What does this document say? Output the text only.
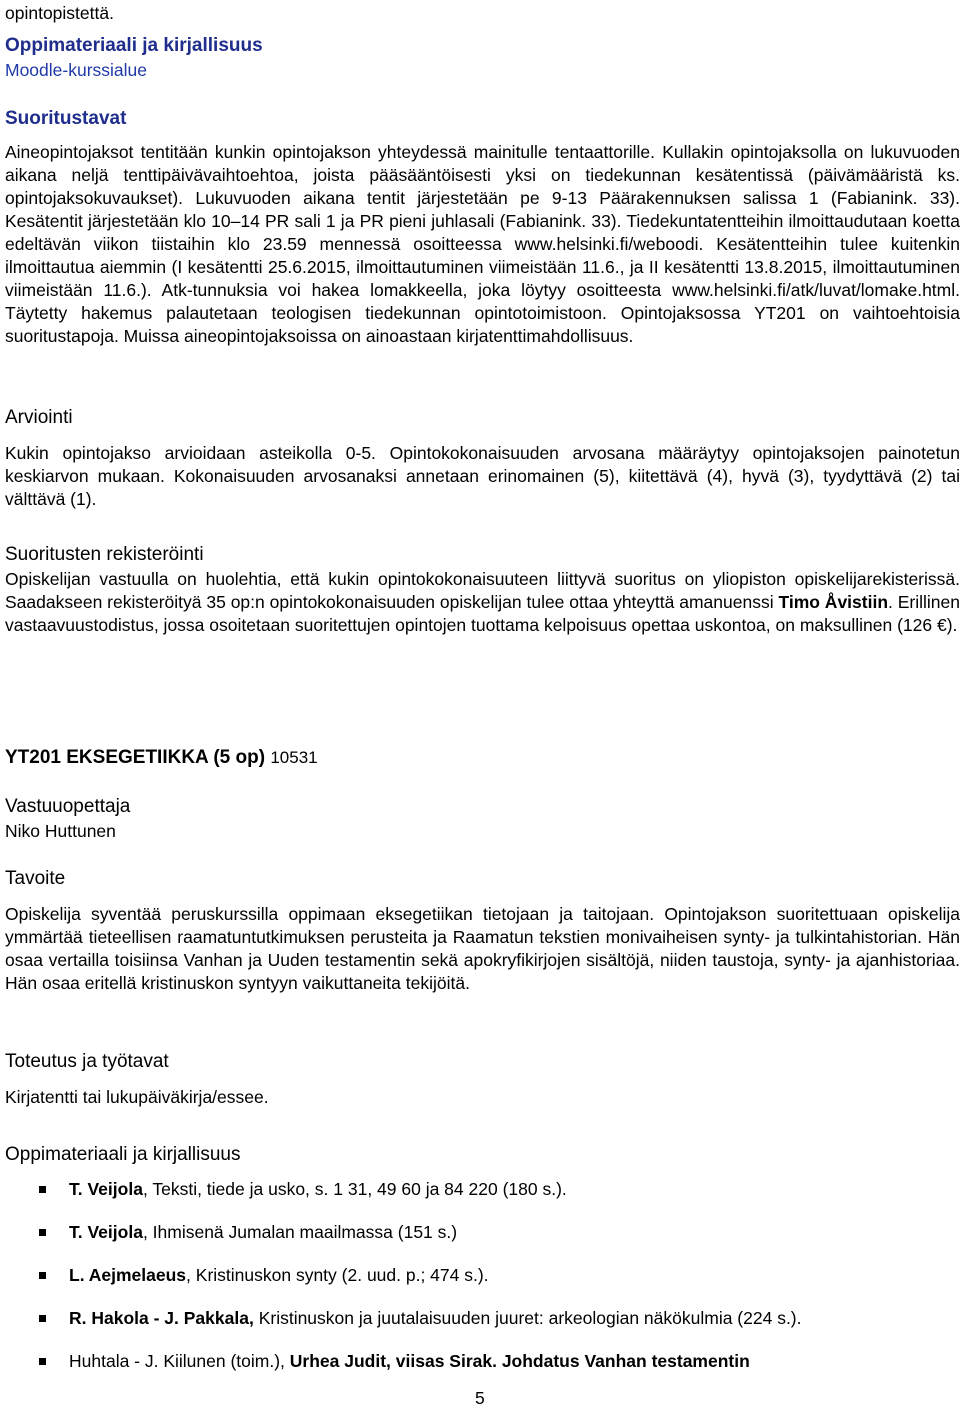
opintopistettä.

Oppimateriaali ja kirjallisuus

Moodle-kurssialue

Suoritustavat

Aineopintojaksot tentitään kunkin opintojakson yhteydessä mainitulle tentaattorille. Kullakin opintojaksolla on lukuvuoden aikana neljä tenttipäivävaihtoehtoa, joista pääsääntöisesti yksi on tiedekunnan kesätentissä (päivämääristä ks. opintojaksokuvaukset). Lukuvuoden aikana tentit järjestetään pe 9-13 Päärakennuksen salissa 1 (Fabianink. 33). Kesätentit järjestetään klo 10–14 PR sali 1 ja PR pieni juhlasali (Fabianink. 33). Tiedekuntatentteihin ilmoittaudutaan koetta edeltävän viikon tiistaihin klo 23.59 mennessä osoitteessa www.helsinki.fi/weboodi. Kesätentteihin tulee kuitenkin ilmoittautua aiemmin (I kesätentti 25.6.2015, ilmoittautuminen viimeistään 11.6., ja II kesätentti 13.8.2015, ilmoittautuminen viimeistään 11.6.). Atk-tunnuksia voi hakea lomakkeella, joka löytyy osoitteesta www.helsinki.fi/atk/luvat/lomake.html. Täytetty hakemus palautetaan teologisen tiedekunnan opintotoimistoon. Opintojaksossa YT201 on vaihtoehtoisia suoritustapoja. Muissa aineopintojaksoissa on ainoastaan kirjatenttimahdollisuus.

Arviointi

Kukin opintojakso arvioidaan asteikolla 0-5. Opintokokonaisuuden arvosana määräytyy opintojaksojen painotetun keskiarvon mukaan. Kokonaisuuden arvosanaksi annetaan erinomainen (5), kiitettävä (4), hyvä (3), tyydyttävä (2) tai välttävä (1).

Suoritusten rekisteröinti

Opiskelijan vastuulla on huolehtia, että kukin opintokokonaisuuteen liittyvä suoritus on yliopiston opiskelijarekisterissä. Saadakseen rekisteröityä 35 op:n opintokokonaisuuden opiskelijan tulee ottaa yhteyttä amanuenssi Timo Åvistiin. Erillinen vastaavuustodistus, jossa osoitetaan suoritettujen opintojen tuottama kelpoisuus opettaa uskontoa, on maksullinen (126 €).

YT201 EKSEGETIIKKA (5 op) 10531

Vastuuopettaja

Niko Huttunen

Tavoite

Opiskelija syventää peruskurssilla oppimaan eksegetiikan tietojaan ja taitojaan. Opintojakson suoritettuaan opiskelija ymmärtää tieteellisen raamatuntutkimuksen perusteita ja Raamatun tekstien monivaiheisen synty- ja tulkintahistorian. Hän osaa vertailla toisiinsa Vanhan ja Uuden testamentin sekä apokryfikirjojen sisältöjä, niiden taustoja, synty- ja ajanhistoriaa. Hän osaa eritellä kristinuskon syntyyn vaikuttaneita tekijöitä.

Toteutus ja työtavat

Kirjatentti tai lukupäiväkirja/essee.

Oppimateriaali ja kirjallisuus

T. Veijola, Teksti, tiede ja usko, s. 1 31, 49 60 ja 84 220 (180 s.).
T. Veijola, Ihmisenä Jumalan maailmassa (151 s.)
L. Aejmelaeus, Kristinuskon synty (2. uud. p.; 474 s.).
R. Hakola - J. Pakkala, Kristinuskon ja juutalaisuuden juuret: arkeologian näkökulmia (224 s.).
Huhtala - J. Kiilunen (toim.), Urhea Judit, viisas Sirak. Johdatus Vanhan testamentin
5
